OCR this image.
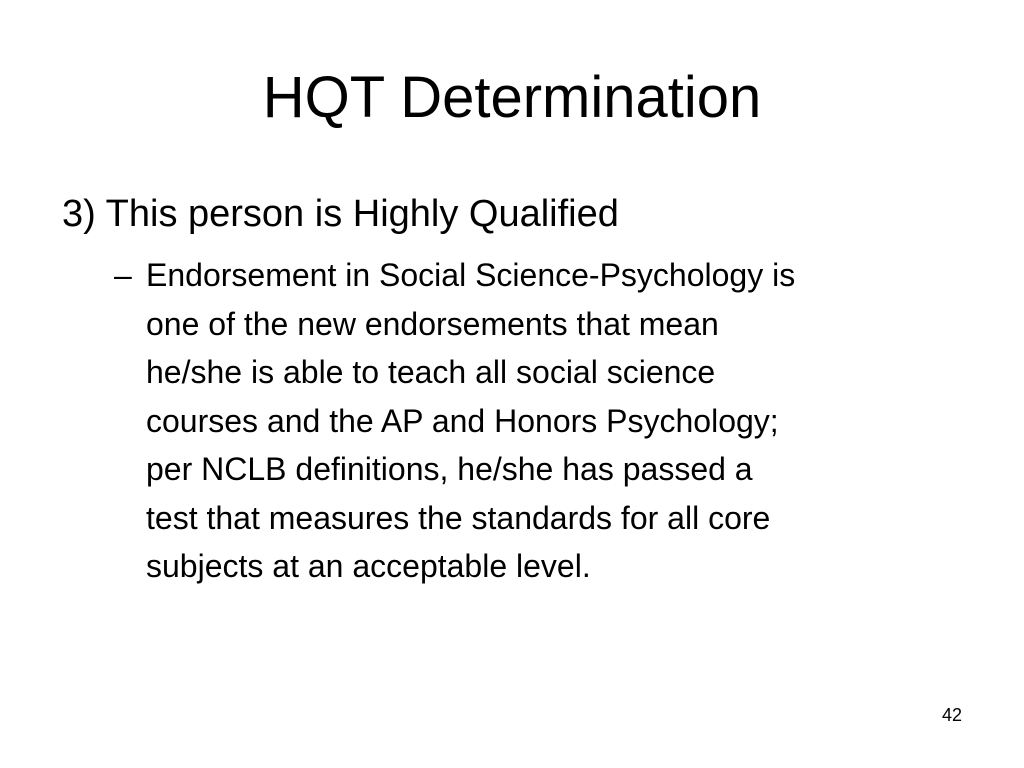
HQT Determination

3) This person is Highly Qualified

– Endorsement in Social Science-Psychology is
one of the new endorsements that mean
he/she is able to teach all social science
courses and the AP and Honors Psychology;
per NCLB definitions, he/she has passed a
test that measures the standards for all core
subjects at an acceptable level.
42
